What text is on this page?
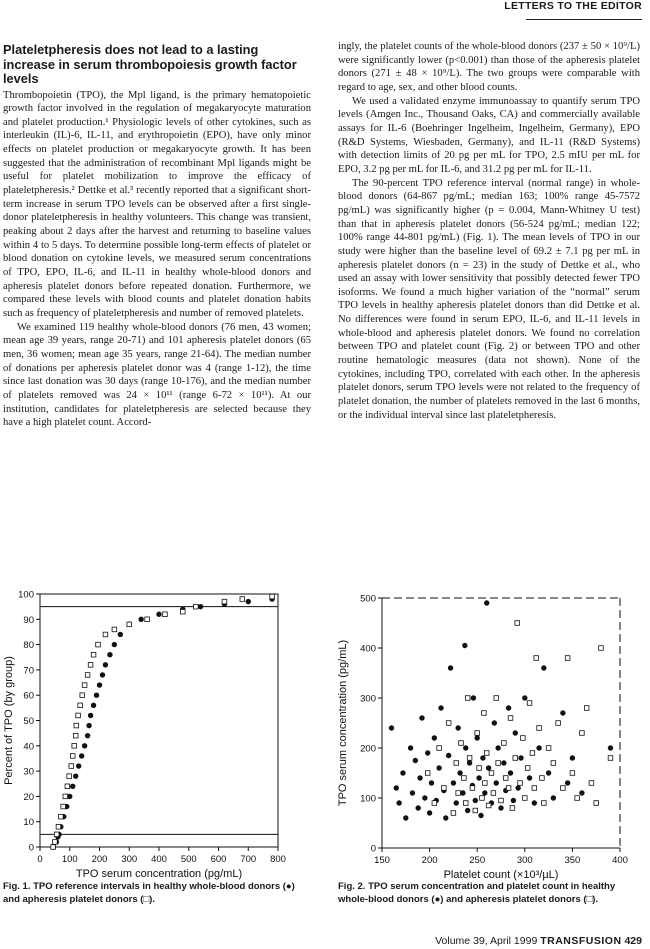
LETTERS TO THE EDITOR
Plateletpheresis does not lead to a lasting increase in serum thrombopoiesis growth factor levels

Thrombopoietin (TPO), the Mpl ligand, is the primary hematopoietic growth factor involved in the regulation of megakaryocyte maturation and platelet production.¹ Physiologic levels of other cytokines, such as interleukin (IL)-6, IL-11, and erythropoietin (EPO), have only minor effects on platelet production or megakaryocyte growth. It has been suggested that the administration of recombinant Mpl ligands might be useful for platelet mobilization to improve the efficacy of plateletpheresis.² Dettke et al.³ recently reported that a significant short-term increase in serum TPO levels can be observed after a first single-donor plateletpheresis in healthy volunteers. This change was transient, peaking about 2 days after the harvest and returning to baseline values within 4 to 5 days. To determine possible long-term effects of platelet or blood donation on cytokine levels, we measured serum concentrations of TPO, EPO, IL-6, and IL-11 in healthy whole-blood donors and apheresis platelet donors before repeated donation. Furthermore, we compared these levels with blood counts and platelet donation habits such as frequency of plateletpheresis and number of removed platelets.

We examined 119 healthy whole-blood donors (76 men, 43 women; mean age 39 years, range 20-71) and 101 apheresis platelet donors (65 men, 36 women; mean age 35 years, range 21-64). The median number of donations per apheresis platelet donor was 4 (range 1-12), the time since last donation was 30 days (range 10-176), and the median number of platelets removed was 24 × 10¹¹ (range 6-72 × 10¹¹). At our institution, candidates for plateletpheresis are selected because they have a high platelet count. Accord-

ingly, the platelet counts of the whole-blood donors (237 ± 50 × 10⁹/L) were significantly lower (p<0.001) than those of the apheresis platelet donors (271 ± 48 × 10⁹/L). The two groups were comparable with regard to age, sex, and other blood counts.

We used a validated enzyme immunoassay to quantify serum TPO levels (Amgen Inc., Thousand Oaks, CA) and commercially available assays for IL-6 (Boehringer Ingelheim, Ingelheim, Germany), EPO (R&D Systems, Wiesbaden, Germany), and IL-11 (R&D Systems) with detection limits of 20 pg per mL for TPO, 2.5 mIU per mL for EPO, 3.2 pg per mL for IL-6, and 31.2 pg per mL for IL-11.

The 90-percent TPO reference interval (normal range) in whole-blood donors (64-867 pg/mL; median 163; 100% range 45-7572 pg/mL) was significantly higher (p = 0.004, Mann-Whitney U test) than that in apheresis platelet donors (56-524 pg/mL; median 122; 100% range 44-801 pg/mL) (Fig. 1). The mean levels of TPO in our study were higher than the baseline level of 69.2 ± 7.1 pg per mL in apheresis platelet donors (n = 23) in the study of Dettke et al., who used an assay with lower sensitivity that possibly detected fewer TPO isoforms. We found a much higher variation of the “normal” serum TPO levels in healthy apheresis platelet donors than did Dettke et al. No differences were found in serum EPO, IL-6, and IL-11 levels in whole-blood and apheresis platelet donors. We found no correlation between TPO and platelet count (Fig. 2) or between TPO and other routine hematologic measures (data not shown). None of the cytokines, including TPO, correlated with each other. In the apheresis platelet donors, serum TPO levels were not related to the frequency of platelet donation, the number of platelets removed in the last 6 months, or the individual interval since last plateletpheresis.

0 100 200 300 400 500 600 700 800
0
10
20
30
40
50
60
70
80
90
100
TPO serum concentration (pg/mL)
Percent of TPO (by group)
150	200	250	300	350	400
0
100
200
300
400
500
Platelet count (×10³/µL)
TPO serum concentration (pg/mL)
Fig. 1. TPO reference intervals in healthy whole-blood donors (●) and apheresis platelet donors (□).
Fig. 2. TPO serum concentration and platelet count in healthy whole-blood donors (●) and apheresis platelet donors (□).
Volume 39, April 1999 TRANSFUSION 429
